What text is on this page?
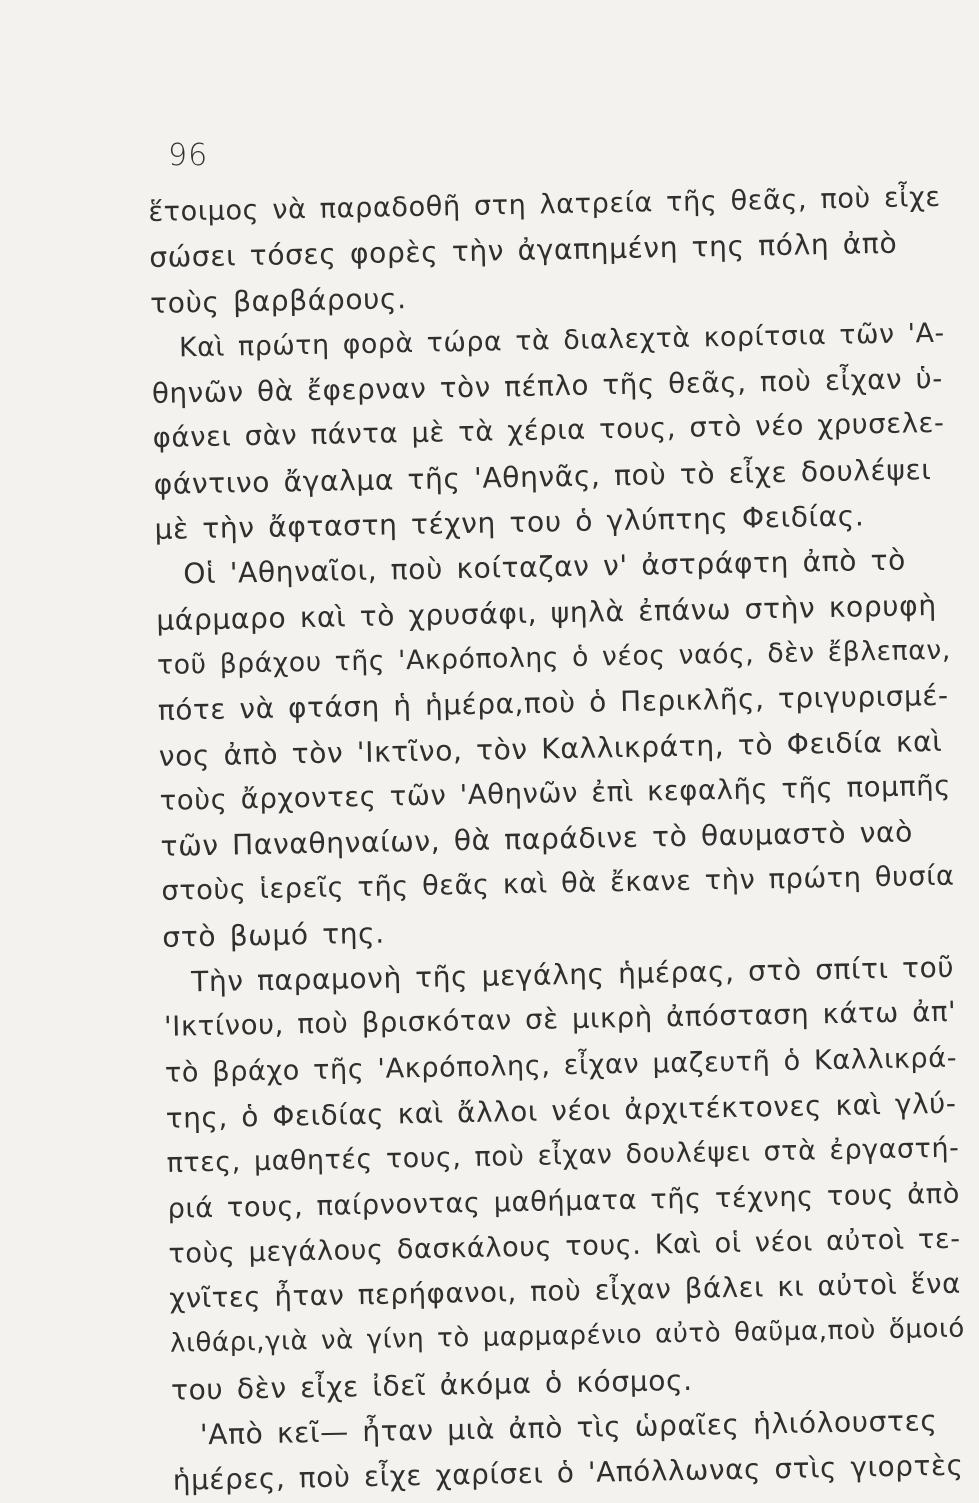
96
ἕτοιμος νὰ παραδοθῆ στη λατρεία τῆς θεᾶς, ποὺ εἶχε
σώσει τόσες φορὲς τὴν ἀγαπημένη της πόλη ἀπὸ
τοὺς βαρβάρους.
Καὶ πρώτη φορὰ τώρα τὰ διαλεχτὰ κορίτσια τῶν 'Α-
θηνῶν θὰ ἔφερναν τὸν πέπλο τῆς θεᾶς, ποὺ εἶχαν ὑ-
φάνει σὰν πάντα μὲ τὰ χέρια τους, στὸ νέο χρυσελε-
φάντινο ἄγαλμα τῆς 'Αθηνᾶς, ποὺ τὸ εἶχε δουλέψει
μὲ τὴν ἄφταστη τέχνη του ὁ γλύπτης Φειδίας.
Οἱ 'Αθηναῖοι, ποὺ κοίταζαν ν' ἀστράφτη ἀπὸ τὸ
μάρμαρο καὶ τὸ χρυσάφι, ψηλὰ ἐπάνω στὴν κορυφὴ
τοῦ βράχου τῆς 'Ακρόπολης ὁ νέος ναός, δὲν ἔβλεπαν,
πότε νὰ φτάση ἡ ἡμέρα,ποὺ ὁ Περικλῆς, τριγυρισμέ-
νος ἀπὸ τὸν 'Ικτῖνο, τὸν Καλλικράτη, τὸ Φειδία καὶ
τοὺς ἄρχοντες τῶν 'Αθηνῶν ἐπὶ κεφαλῆς τῆς πομπῆς
τῶν Παναθηναίων, θὰ παράδινε τὸ θαυμαστὸ ναὸ
στοὺς ἱερεῖς τῆς θεᾶς καὶ θὰ ἔκανε τὴν πρώτη θυσία
στὸ βωμό της.
Τὴν παραμονὴ τῆς μεγάλης ἡμέρας, στὸ σπίτι τοῦ
'Ικτίνου, ποὺ βρισκόταν σὲ μικρὴ ἀπόσταση κάτω ἀπ'
τὸ βράχο τῆς 'Ακρόπολης, εἶχαν μαζευτῆ ὁ Καλλικρά-
της, ὁ Φειδίας καὶ ἄλλοι νέοι ἀρχιτέκτονες καὶ γλύ-
πτες, μαθητές τους, ποὺ εἶχαν δουλέψει στὰ ἐργαστή-
ριά τους, παίρνοντας μαθήματα τῆς τέχνης τους ἀπὸ
τοὺς μεγάλους δασκάλους τους. Καὶ οἱ νέοι αὐτοὶ τε-
χνῖτες ἦταν περήφανοι, ποὺ εἶχαν βάλει κι αὐτοὶ ἕνα
λιθάρι,γιὰ νὰ γίνη τὸ μαρμαρένιο αὐτὸ θαῦμα,ποὺ ὅμοιό
του δὲν εἶχε ἰδεῖ ἀκόμα ὁ κόσμος.
'Απὸ κεῖ— ἦταν μιὰ ἀπὸ τὶς ὡραῖες ἡλιόλουστες
ἡμέρες, ποὺ εἶχε χαρίσει ὁ 'Απόλλωνας στὶς γιορτὲς
